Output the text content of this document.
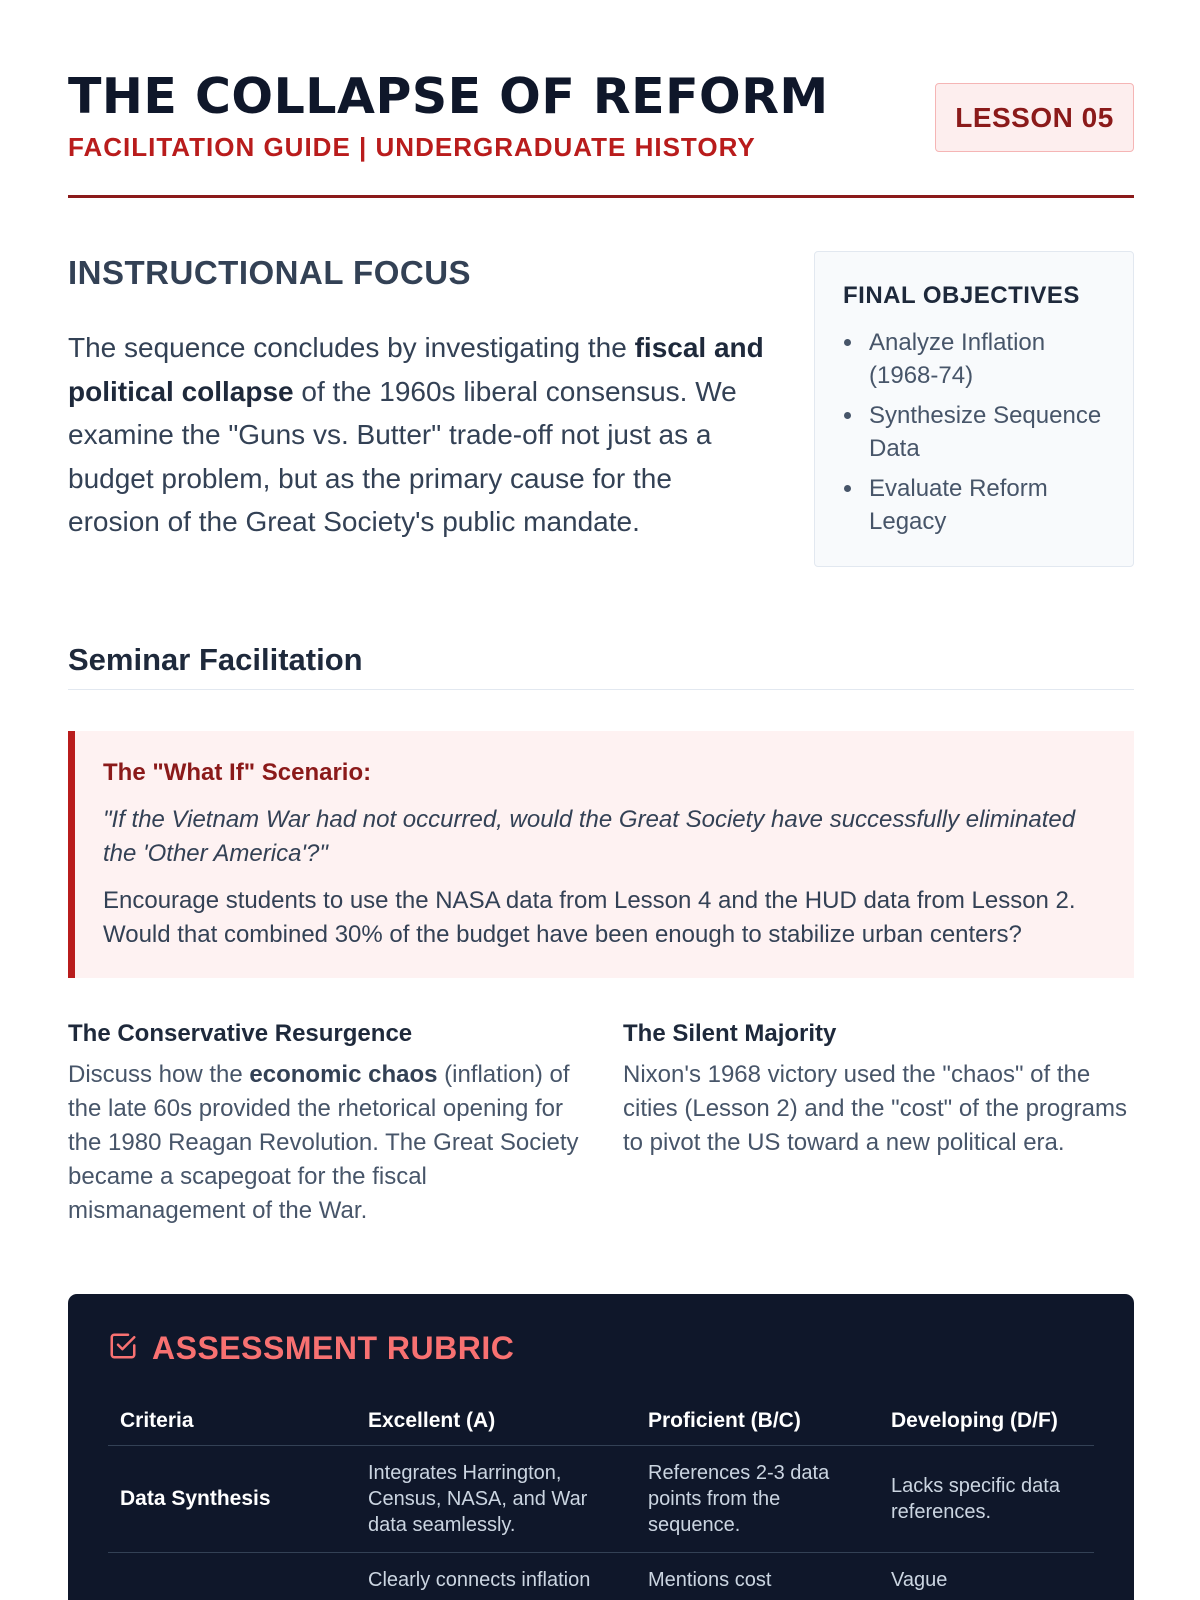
THE COLLAPSE OF REFORM
FACILITATION GUIDE | UNDERGRADUATE HISTORY
LESSON 05
INSTRUCTIONAL FOCUS

The sequence concludes by investigating the fiscal and political collapse of the 1960s liberal consensus. We examine the "Guns vs. Butter" trade-off not just as a budget problem, but as the primary cause for the erosion of the Great Society's public mandate.

FINAL OBJECTIVES
Analyze Inflation (1968-74)
Synthesize Sequence Data
Evaluate Reform Legacy
Seminar Facilitation
The "What If" Scenario:

"If the Vietnam War had not occurred, would the Great Society have successfully eliminated the 'Other America'?"

Encourage students to use the NASA data from Lesson 4 and the HUD data from Lesson 2. Would that combined 30% of the budget have been enough to stabilize urban centers?

The Conservative Resurgence

Discuss how the economic chaos (inflation) of the late 60s provided the rhetorical opening for the 1980 Reagan Revolution. The Great Society became a scapegoat for the fiscal mismanagement of the War.

The Silent Majority

Nixon's 1968 victory used the "chaos" of the cities (Lesson 2) and the "cost" of the programs to pivot the US toward a new political era.

ASSESSMENT RUBRIC
Criteria	Excellent (A)	Proficient (B/C)	Developing (D/F)
Data Synthesis	Integrates Harrington, Census, NASA, and War data seamlessly.	References 2-3 data points from the sequence.	Lacks specific data references.
	Clearly connects inflation	Mentions cost	Vague
